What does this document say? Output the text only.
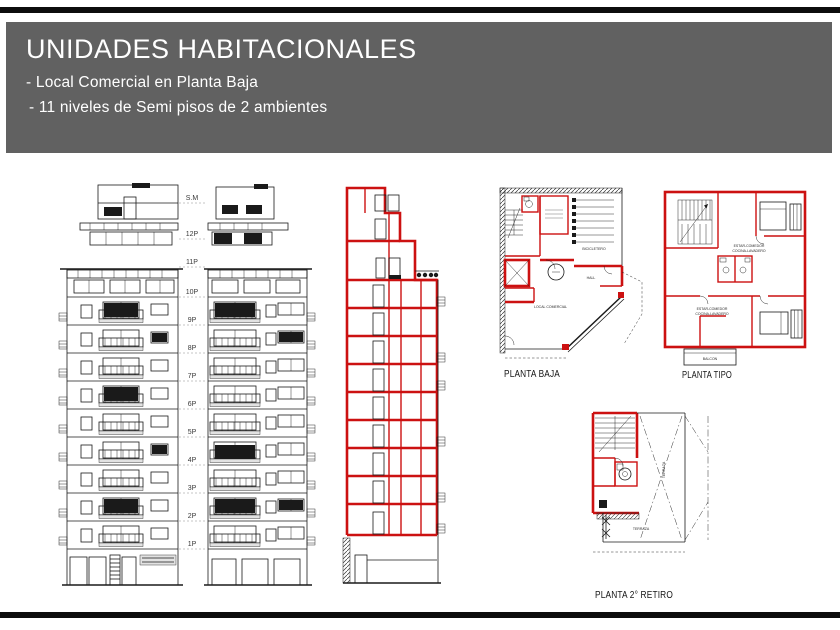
UNIDADES HABITACIONALES
- Local Comercial en Planta Baja
- 11 niveles de Semi pisos de 2 ambientes
S.M
12P
11P
10P
9P
8P
7P
6P
5P
4P
3P
2P
1P
BICICLETERO
HALL
LOCAL COMERCIAL
PLANTA BAJA
ESTAR-COMEDOR
COCINA-LAVADERO
ESTAR-COMEDOR
COCINA-LAVADERO
BALCON
PLANTA TIPO
TERRAZA
TERRAZA
PLANTA 2° RETIRO
